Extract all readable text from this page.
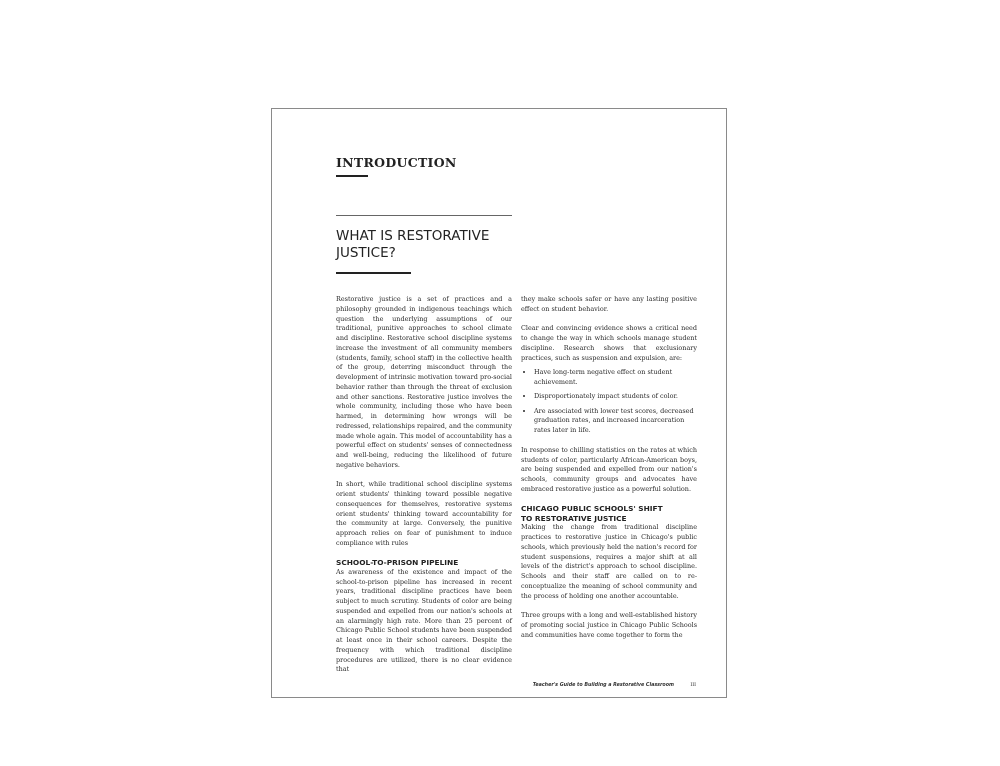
INTRODUCTION
WHAT IS RESTORATIVE JUSTICE?

Restorative justice is a set of practices and a philosophy grounded in indigenous teachings which question the underlying assumptions of our traditional, punitive approaches to school climate and discipline. Restorative school discipline systems increase the investment of all community members (students, family, school staff) in the collective health of the group, deterring misconduct through the development of intrinsic motivation toward pro-social behavior rather than through the threat of exclusion and other sanctions. Restorative justice involves the whole community, including those who have been harmed, in determining how wrongs will be redressed, relationships repaired, and the community made whole again. This model of accountability has a powerful effect on students' senses of connectedness and well-being, reducing the likelihood of future negative behaviors.

In short, while traditional school discipline systems orient students' thinking toward possible negative consequences for themselves, restorative systems orient students' thinking toward accountability for the community at large. Conversely, the punitive approach relies on fear of punishment to induce compliance with rules

SCHOOL-TO-PRISON PIPELINE

As awareness of the existence and impact of the school-to-prison pipeline has increased in recent years, traditional discipline practices have been subject to much scrutiny. Students of color are being suspended and expelled from our nation's schools at an alarmingly high rate. More than 25 percent of Chicago Public School students have been suspended at least once in their school careers. Despite the frequency with which traditional discipline procedures are utilized, there is no clear evidence that

they make schools safer or have any lasting positive effect on student behavior.

Clear and convincing evidence shows a critical need to change the way in which schools manage student discipline. Research shows that exclusionary practices, such as suspension and expulsion, are:

• Have long-term negative effect on student achievement.
• Disproportionately impact students of color.
• Are associated with lower test scores, decreased graduation rates, and increased incarceration rates later in life.

In response to chilling statistics on the rates at which students of color, particularly African-American boys, are being suspended and expelled from our nation's schools, community groups and advocates have embraced restorative justice as a powerful solution.

CHICAGO PUBLIC SCHOOLS' SHIFT
TO RESTORATIVE JUSTICE

Making the change from traditional discipline practices to restorative justice in Chicago's public schools, which previously held the nation's record for student suspensions, requires a major shift at all levels of the district's approach to school discipline. Schools and their staff are called on to re-conceptualize the meaning of school community and the process of holding one another accountable.

Three groups with a long and well-established history of promoting social justice in Chicago Public Schools and communities have come together to form the

Teacher's Guide to Building a Restorative Classroom	III
